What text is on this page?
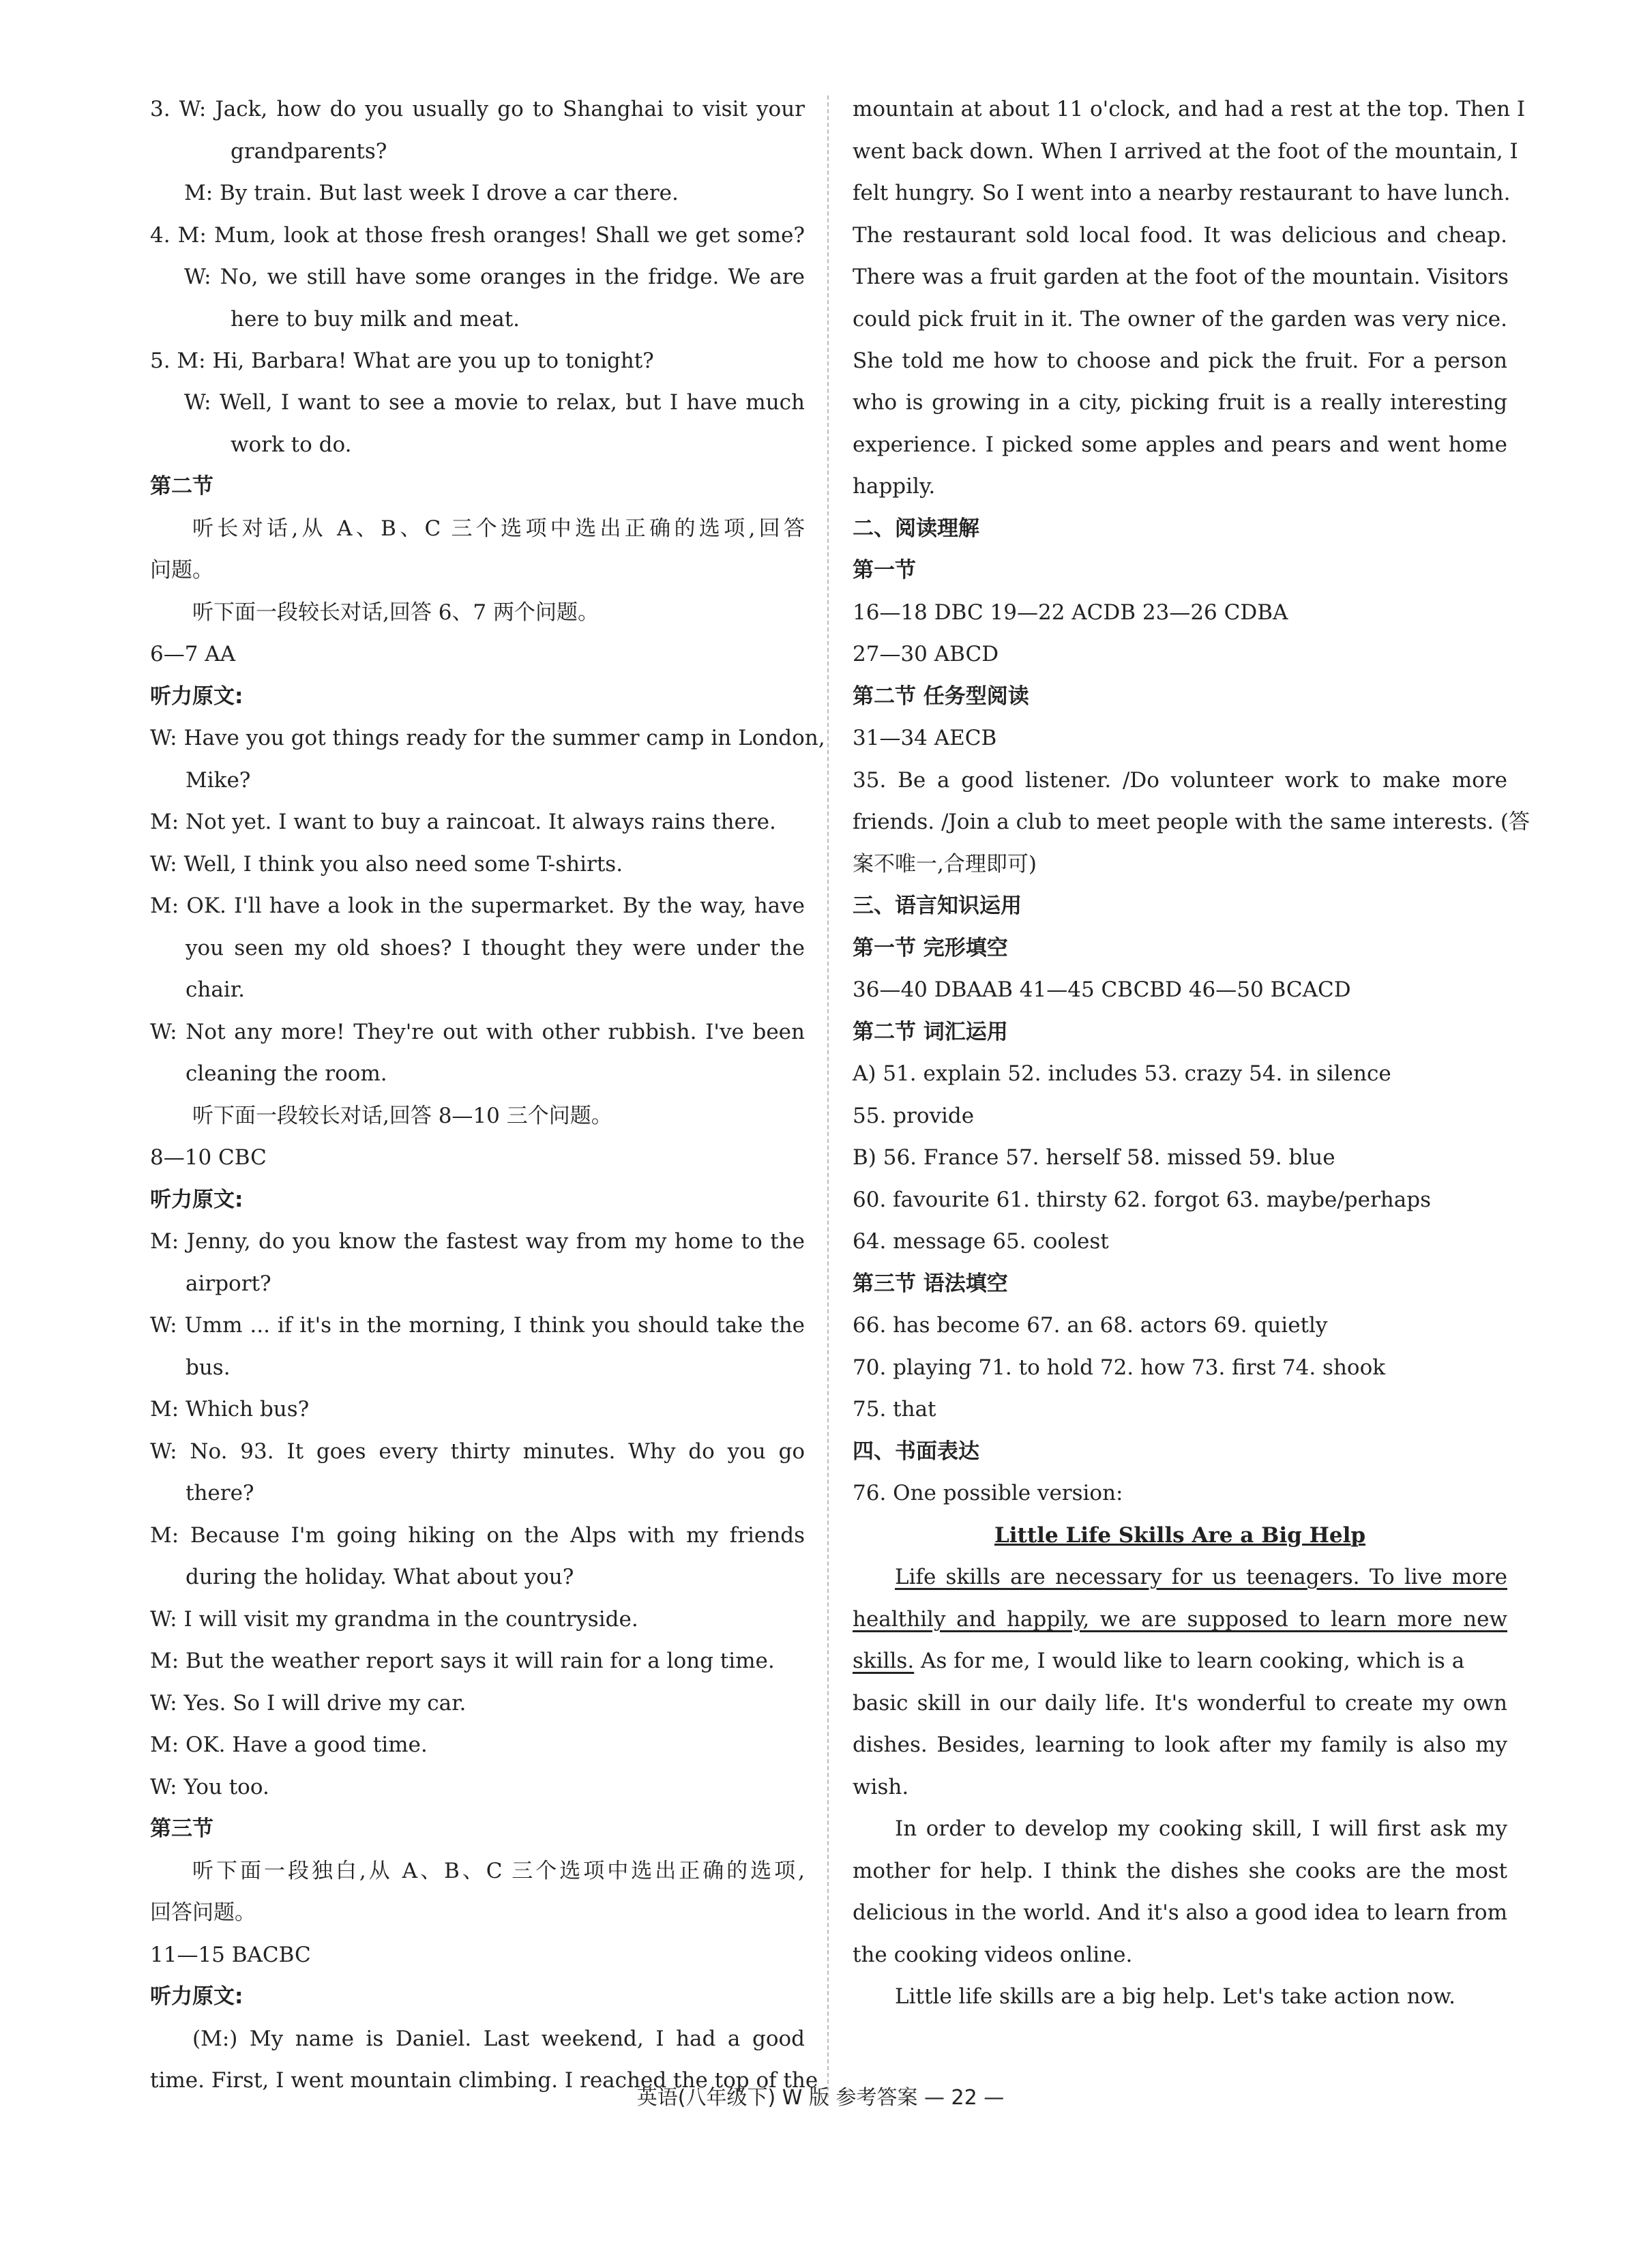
3. W: Jack, how do you usually go to Shanghai to visit your
grandparents?
M: By train. But last week I drove a car there.
4. M: Mum, look at those fresh oranges! Shall we get some?
W: No, we still have some oranges in the fridge. We are
here to buy milk and meat.
5. M: Hi, Barbara! What are you up to tonight?
W: Well, I want to see a movie to relax, but I have much
work to do.
第二节
听长对话,从 A、B、C 三个选项中选出正确的选项,回答
问题。
听下面一段较长对话,回答 6、7 两个问题。
6—7 AA
听力原文:
W: Have you got things ready for the summer camp in London,
Mike?
M: Not yet. I want to buy a raincoat. It always rains there.
W: Well, I think you also need some T-shirts.
M: OK. I'll have a look in the supermarket. By the way, have
you seen my old shoes? I thought they were under the
chair.
W: Not any more! They're out with other rubbish. I've been
cleaning the room.
听下面一段较长对话,回答 8—10 三个问题。
8—10 CBC
听力原文:
M: Jenny, do you know the fastest way from my home to the
airport?
W: Umm ... if it's in the morning, I think you should take the
bus.
M: Which bus?
W: No. 93. It goes every thirty minutes. Why do you go
there?
M: Because I'm going hiking on the Alps with my friends
during the holiday. What about you?
W: I will visit my grandma in the countryside.
M: But the weather report says it will rain for a long time.
W: Yes. So I will drive my car.
M: OK. Have a good time.
W: You too.
第三节
听下面一段独白,从 A、B、C 三个选项中选出正确的选项,
回答问题。
11—15 BACBC
听力原文:
(M:) My name is Daniel. Last weekend, I had a good
time. First, I went mountain climbing. I reached the top of the
mountain at about 11 o'clock, and had a rest at the top. Then I
went back down. When I arrived at the foot of the mountain, I
felt hungry. So I went into a nearby restaurant to have lunch.
The restaurant sold local food. It was delicious and cheap.
There was a fruit garden at the foot of the mountain. Visitors
could pick fruit in it. The owner of the garden was very nice.
She told me how to choose and pick the fruit. For a person
who is growing in a city, picking fruit is a really interesting
experience. I picked some apples and pears and went home
happily.
二、阅读理解
第一节
16—18 DBC 19—22 ACDB 23—26 CDBA
27—30 ABCD
第二节 任务型阅读
31—34 AECB
35. Be a good listener. /Do volunteer work to make more
friends. /Join a club to meet people with the same interests. (答
案不唯一,合理即可)
三、语言知识运用
第一节 完形填空
36—40 DBAAB 41—45 CBCBD 46—50 BCACD
第二节 词汇运用
A) 51. explain 52. includes 53. crazy 54. in silence
55. provide
B) 56. France 57. herself 58. missed 59. blue
60. favourite 61. thirsty 62. forgot 63. maybe/perhaps
64. message 65. coolest
第三节 语法填空
66. has become 67. an 68. actors 69. quietly
70. playing 71. to hold 72. how 73. first 74. shook
75. that
四、书面表达
76. One possible version:
Little Life Skills Are a Big Help
Life skills are necessary for us teenagers. To live more
healthily and happily, we are supposed to learn more new
skills. As for me, I would like to learn cooking, which is a
basic skill in our daily life. It's wonderful to create my own
dishes. Besides, learning to look after my family is also my
wish.
In order to develop my cooking skill, I will first ask my
mother for help. I think the dishes she cooks are the most
delicious in the world. And it's also a good idea to learn from
the cooking videos online.
Little life skills are a big help. Let's take action now.
英语(八年级下) W 版 参考答案 — 22 —
